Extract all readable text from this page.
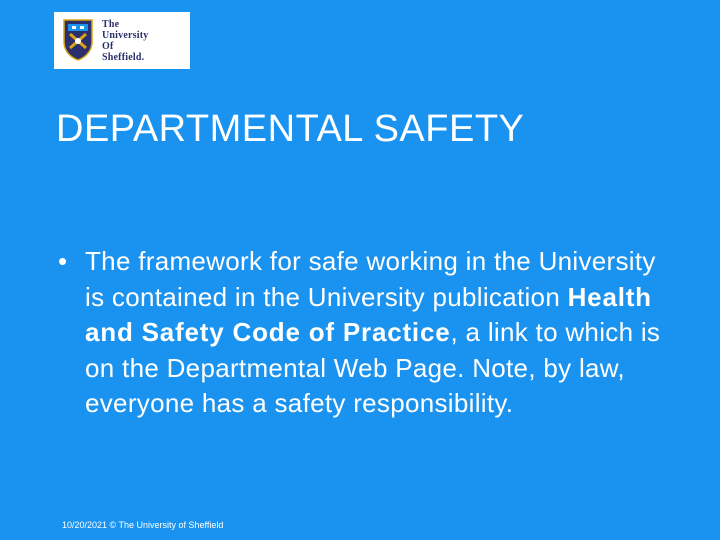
The
University
Of
Sheffield.
DEPARTMENTAL SAFETY
• The framework for safe working in the University is contained in the University publication Health and Safety Code of Practice, a link to which is on the Departmental Web Page. Note, by law, everyone has a safety responsibility.
10/20/2021 © The University of Sheffield
